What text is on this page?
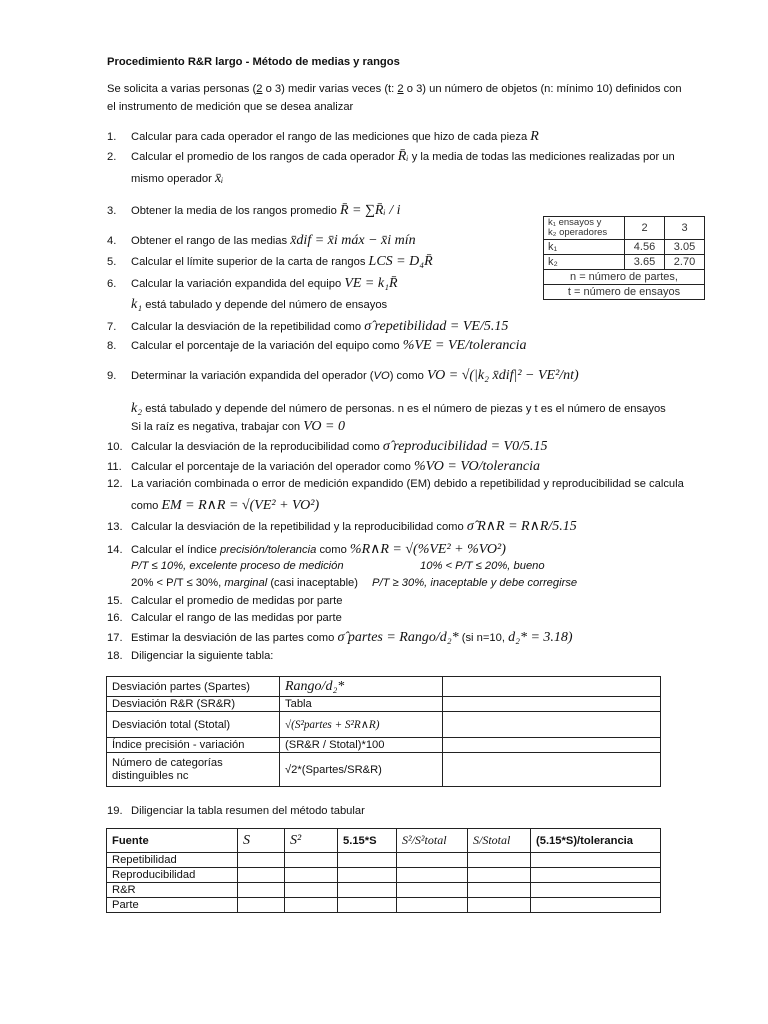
Procedimiento R&R largo - Método de medias y rangos
Se solicita a varias personas (2 o 3) medir varias veces (t: 2 o 3) un número de objetos (n: mínimo 10) definidos con
el instrumento de medición que se desea analizar
1. Calcular para cada operador el rango de las mediciones que hizo de cada pieza R
2. Calcular el promedio de los rangos de cada operador R̄ᵢ y la media de todas las mediciones realizadas por un
mismo operador x̄ᵢ
3. Obtener la media de los rangos promedio R̄ = ∑R̄ᵢ / i
4. Obtener el rango de las medias x̄dif = x̄i máx − x̄i mín
5. Calcular el límite superior de la carta de rangos LCS = D₄R̄
6. Calcular la variación expandida del equipo VE = k₁R̄
k₁ está tabulado y depende del número de ensayos
7. Calcular la desviación de la repetibilidad como σ̂ repetibilidad = VE/5.15
8. Calcular el porcentaje de la variación del equipo como %VE = VE/tolerancia
9. Determinar la variación expandida del operador (VO) como VO = √(|k₂ x̄dif|² − VE²/nt)
k₂ está tabulado y depende del número de personas. n es el número de piezas y t es el número de ensayos
Si la raíz es negativa, trabajar con VO = 0
10. Calcular la desviación de la reproducibilidad como σ̂ reproducibilidad = V0/5.15
11. Calcular el porcentaje de la variación del operador como %VO = VO/tolerancia
12. La variación combinada o error de medición expandido (EM) debido a repetibilidad y reproducibilidad se calcula
como EM = R∧R = √(VE² + VO²)
13. Calcular la desviación de la repetibilidad y la reproducibilidad como σ̂ R∧R = R∧R/5.15
14. Calcular el índice precisión/tolerancia como %R∧R = √(%VE² + %VO²)
P/T ≤ 10%, excelente proceso de medición	10% < P/T ≤ 20%, bueno
20% < P/T ≤ 30%, marginal (casi inaceptable) P/T ≥ 30%, inaceptable y debe corregirse
15. Calcular el promedio de medidas por parte
16. Calcular el rango de las medidas por parte
17. Estimar la desviación de las partes como σ̂ partes = Rango/d₂* (si n=10, d₂* = 3.18)
18. Diligenciar la siguiente tabla:
k₁ ensayos y
k₂ operadores	2	3
k₁	4.56	3.05
k₂	3.65	2.70
n = número de partes,		
t = número de ensayos		
Desviación partes (Spartes)	Rango/d₂*	
Desviación R&R (SR&R)	Tabla	
Desviación total (Stotal)	√(S²partes + S²R∧R)	
Índice precisión - variación	(SR&R / Stotal)*100	
Número de categorías distinguibles nc	√2*(Spartes/SR&R)	
19. Diligenciar la tabla resumen del método tabular
Fuente	S	S²	5.15*S	S²/S²total	S/Stotal	(5.15*S)/tolerancia
Repetibilidad						
Reproducibilidad						
R&R						
Parte						
